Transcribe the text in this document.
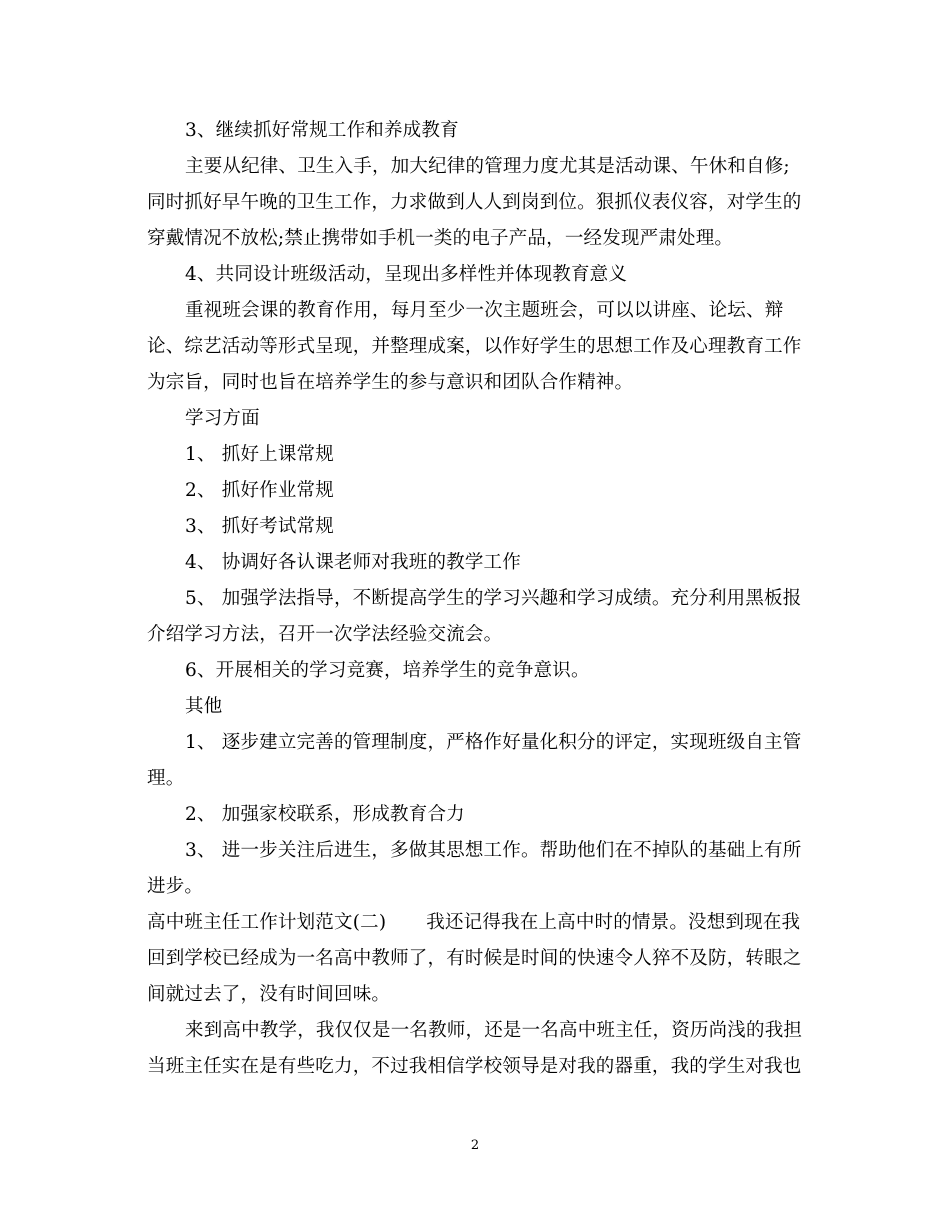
3、继续抓好常规工作和养成教育
主要从纪律、卫生入手，加大纪律的管理力度尤其是活动课、午休和自修;
同时抓好早午晚的卫生工作，力求做到人人到岗到位。狠抓仪表仪容，对学生的
穿戴情况不放松;禁止携带如手机一类的电子产品，一经发现严肃处理。
4、共同设计班级活动，呈现出多样性并体现教育意义
重视班会课的教育作用，每月至少一次主题班会，可以以讲座、论坛、辩
论、综艺活动等形式呈现，并整理成案，以作好学生的思想工作及心理教育工作
为宗旨，同时也旨在培养学生的参与意识和团队合作精神。
学习方面
1、 抓好上课常规
2、 抓好作业常规
3、 抓好考试常规
4、 协调好各认课老师对我班的教学工作
5、 加强学法指导，不断提高学生的学习兴趣和学习成绩。充分利用黑板报
介绍学习方法，召开一次学法经验交流会。
6、开展相关的学习竞赛，培养学生的竞争意识。
其他
1、 逐步建立完善的管理制度，严格作好量化积分的评定，实现班级自主管
理。
2、 加强家校联系，形成教育合力
3、 进一步关注后进生，多做其思想工作。帮助他们在不掉队的基础上有所
进步。
高中班主任工作计划范文(二) 我还记得我在上高中时的情景。没想到现在我
回到学校已经成为一名高中教师了，有时候是时间的快速令人猝不及防，转眼之
间就过去了，没有时间回味。
来到高中教学，我仅仅是一名教师，还是一名高中班主任，资历尚浅的我担
当班主任实在是有些吃力，不过我相信学校领导是对我的器重，我的学生对我也
2
